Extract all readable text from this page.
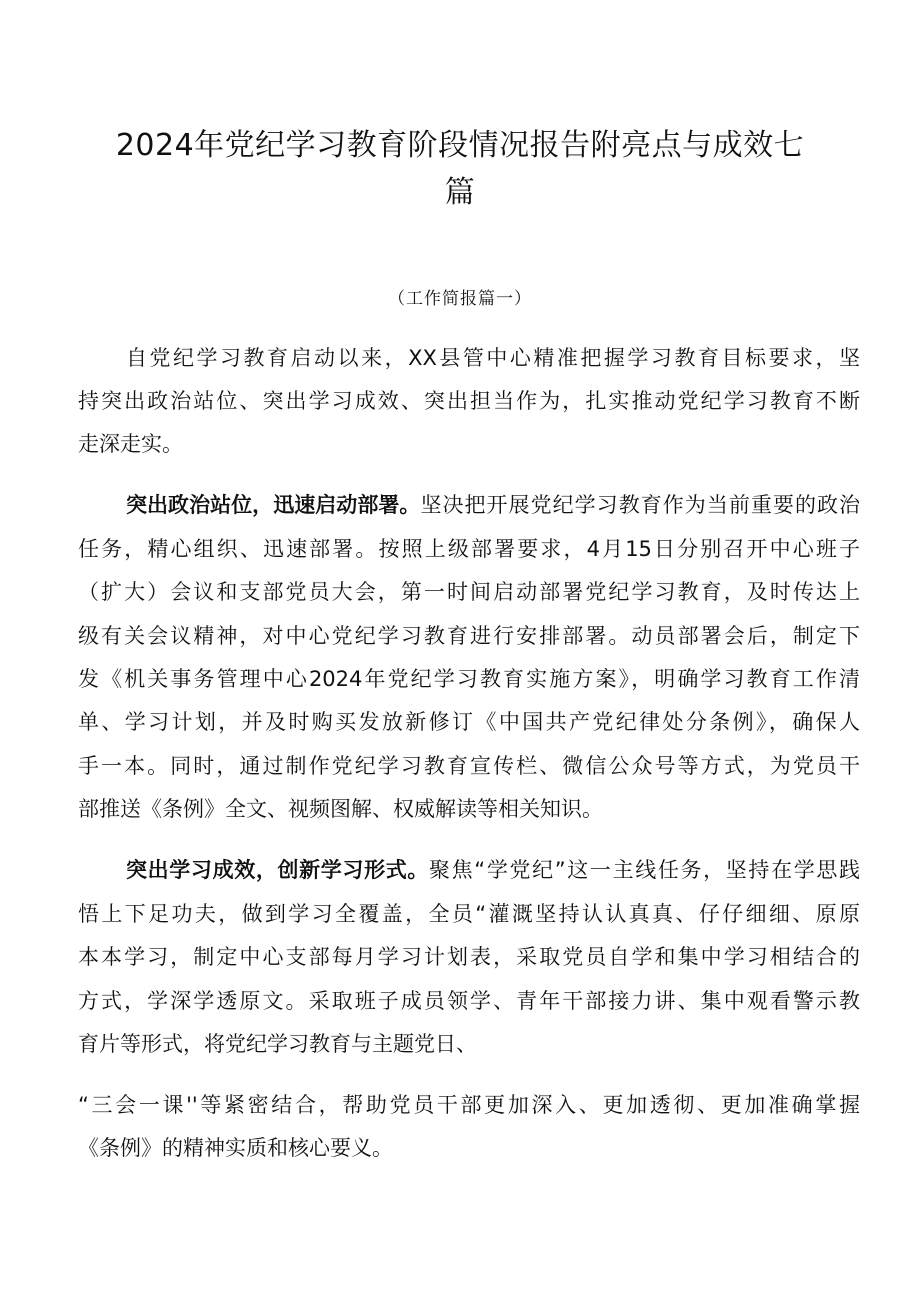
2024年党纪学习教育阶段情况报告附亮点与成效七
篇
（工作简报篇一）
自党纪学习教育启动以来，XX县管中心精准把握学习教育目标要求，坚
持突出政治站位、突出学习成效、突出担当作为，扎实推动党纪学习教育不断
走深走实。
突出政治站位，迅速启动部署。坚决把开展党纪学习教育作为当前重要的政治
任务，精心组织、迅速部署。按照上级部署要求，4月15日分别召开中心班子
（扩大）会议和支部党员大会，第一时间启动部署党纪学习教育，及时传达上
级有关会议精神，对中心党纪学习教育进行安排部署。动员部署会后，制定下
发《机关事务管理中心2024年党纪学习教育实施方案》，明确学习教育工作清
单、学习计划，并及时购买发放新修订《中国共产党纪律处分条例》，确保人
手一本。同时，通过制作党纪学习教育宣传栏、微信公众号等方式，为党员干
部推送《条例》全文、视频图解、权威解读等相关知识。
突出学习成效，创新学习形式。聚焦“学党纪”这一主线任务，坚持在学思践
悟上下足功夫，做到学习全覆盖，全员“灌溉坚持认认真真、仔仔细细、原原
本本学习，制定中心支部每月学习计划表，采取党员自学和集中学习相结合的
方式，学深学透原文。采取班子成员领学、青年干部接力讲、集中观看警示教
育片等形式，将党纪学习教育与主题党日、
“三会一课''等紧密结合，帮助党员干部更加深入、更加透彻、更加准确掌握
《条例》的精神实质和核心要义。
